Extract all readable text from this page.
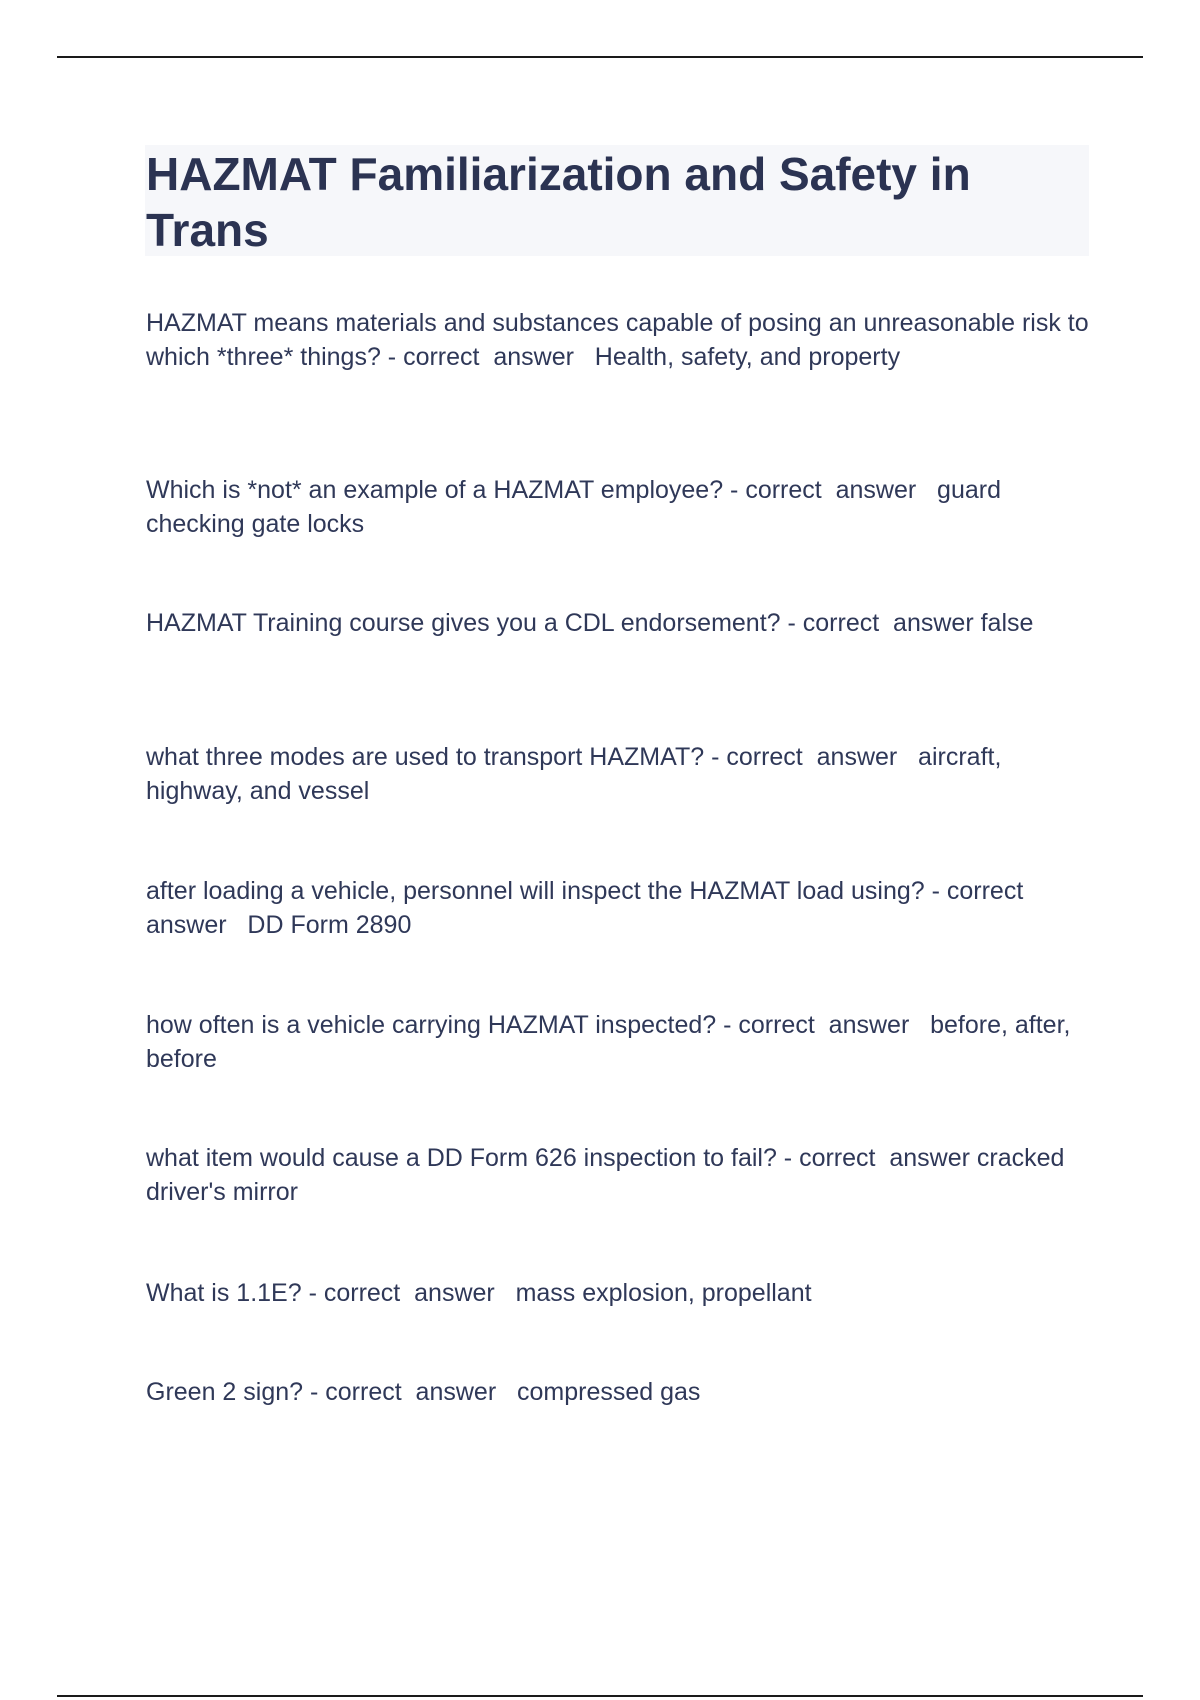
HAZMAT Familiarization and Safety in Trans

HAZMAT means materials and substances capable of posing an unreasonable risk to which *three* things? - correct  answer   Health, safety, and property

Which is *not* an example of a HAZMAT employee? - correct  answer   guard checking gate locks

HAZMAT Training course gives you a CDL endorsement? - correct  answer false

what three modes are used to transport HAZMAT? - correct  answer   aircraft, highway, and vessel

after loading a vehicle, personnel will inspect the HAZMAT load using? - correct  answer   DD Form 2890

how often is a vehicle carrying HAZMAT inspected? - correct  answer   before, after, before

what item would cause a DD Form 626 inspection to fail? - correct  answer cracked driver's mirror

What is 1.1E? - correct  answer   mass explosion, propellant

Green 2 sign? - correct  answer   compressed gas
